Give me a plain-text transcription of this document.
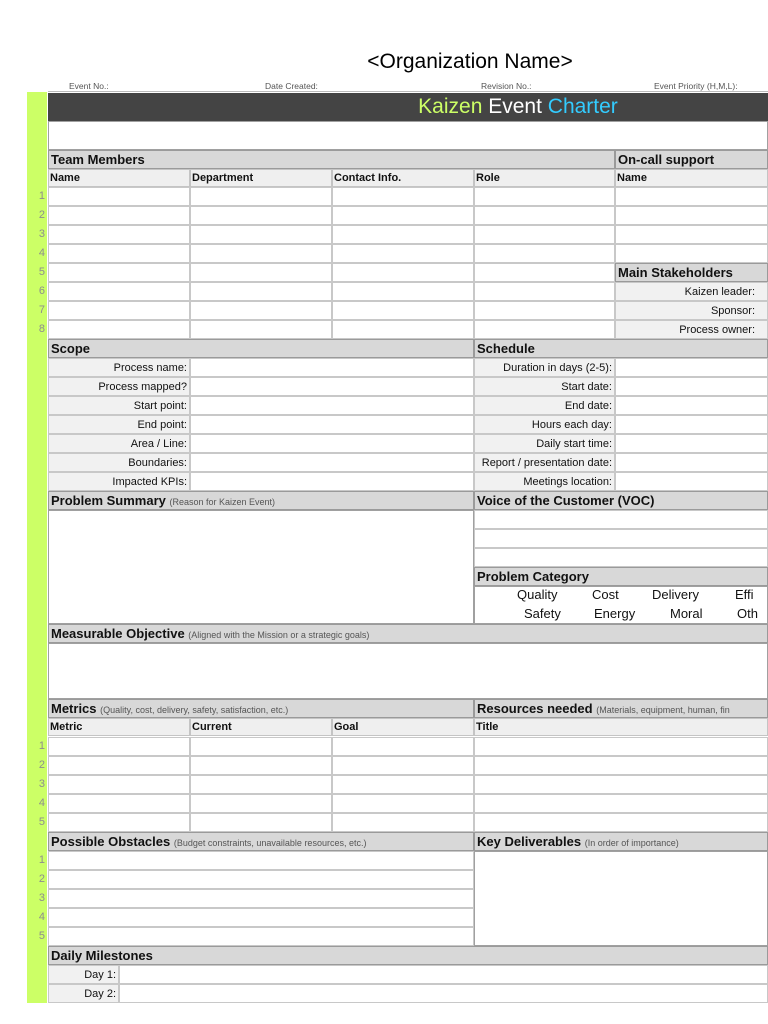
<Organization Name>
Event No.:	Date Created:	Revision No.:	Event Priority (H,M,L):
Kaizen Event Charter
Team Members
Name	Department	Contact Info.	Role
1
2
3
4
5
6
7
8
On-call support
Name
Main Stakeholders
Kaizen leader:
Sponsor:
Process owner:
Scope	Schedule
Process name:	Duration in days (2-5):
Process mapped?	Start date:
Start point:	End date:
End point:	Hours each day:
Area / Line:	Daily start time:
Boundaries:	Report / presentation date:
Impacted KPIs:	Meetings location:
Problem Summary (Reason for Kaizen Event)	Voice of the Customer (VOC)
Problem Category
Quality	Cost	Delivery	Effi
Safety	Energy	Moral	Oth
Measurable Objective (Aligned with the Mission or a strategic goals)
Metrics (Quality, cost, delivery, safety, satisfaction, etc.)	Resources needed (Materials, equipment, human, fin
Metric	Current	Goal	Title
1
2
3
4
5
Possible Obstacles (Budget constraints, unavailable resources, etc.)	Key Deliverables (In order of importance)
1
2
3
4
5
Daily Milestones
Day 1:
Day 2:
